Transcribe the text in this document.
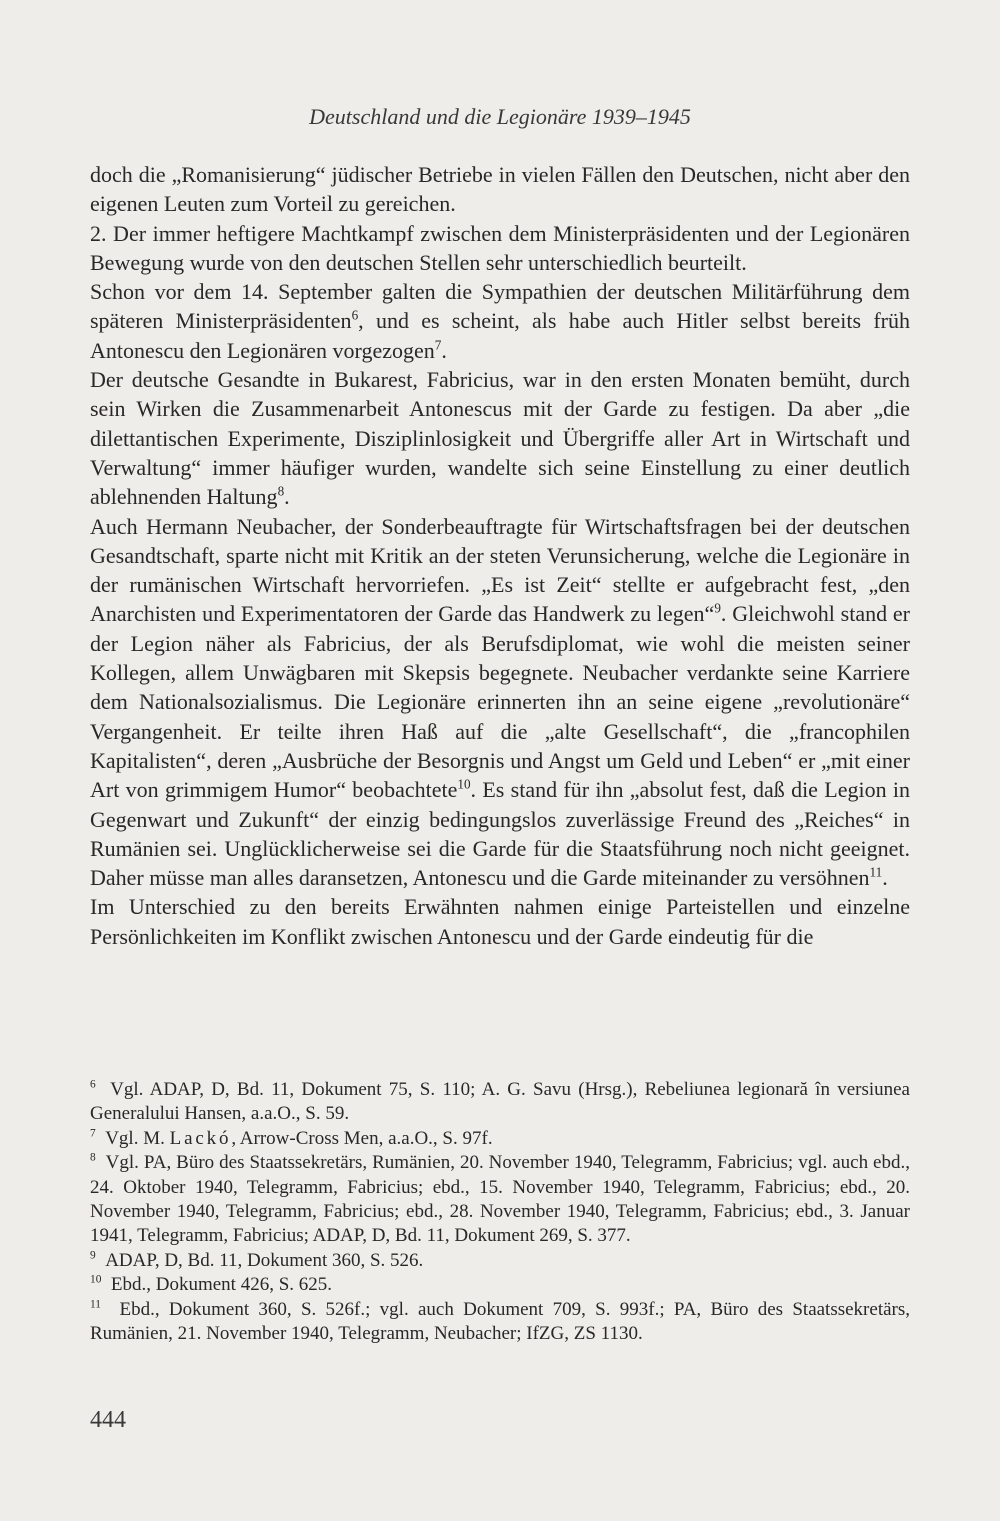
Deutschland und die Legionäre 1939–1945

doch die „Romanisierung“ jüdischer Betriebe in vielen Fällen den Deutschen, nicht aber den eigenen Leuten zum Vorteil zu gereichen.

2. Der immer heftigere Machtkampf zwischen dem Ministerpräsidenten und der Legionären Bewegung wurde von den deutschen Stellen sehr unterschiedlich beurteilt.

Schon vor dem 14. September galten die Sympathien der deutschen Militärführung dem späteren Ministerpräsidenten$^6$, und es scheint, als habe auch Hitler selbst bereits früh Antonescu den Legionären vorgezogen$^7$.

Der deutsche Gesandte in Bukarest, Fabricius, war in den ersten Monaten bemüht, durch sein Wirken die Zusammenarbeit Antonescus mit der Garde zu festigen. Da aber „die dilettantischen Experimente, Disziplinlosigkeit und Übergriffe aller Art in Wirtschaft und Verwaltung“ immer häufiger wurden, wandelte sich seine Einstellung zu einer deutlich ablehnenden Haltung$^8$.

Auch Hermann Neubacher, der Sonderbeauftragte für Wirtschaftsfragen bei der deutschen Gesandtschaft, sparte nicht mit Kritik an der steten Verunsicherung, welche die Legionäre in der rumänischen Wirtschaft hervorriefen. „Es ist Zeit“ stellte er aufgebracht fest, „den Anarchisten und Experimentatoren der Garde das Handwerk zu legen“$^9$. Gleichwohl stand er der Legion näher als Fabricius, der als Berufsdiplomat, wie wohl die meisten seiner Kollegen, allem Unwägbaren mit Skepsis begegnete. Neubacher verdankte seine Karriere dem Nationalsozialismus. Die Legionäre erinnerten ihn an seine eigene „revolutionäre“ Vergangenheit. Er teilte ihren Haß auf die „alte Gesellschaft“, die „francophilen Kapitalisten“, deren „Ausbrüche der Besorgnis und Angst um Geld und Leben“ er „mit einer Art von grimmigem Humor“ beobachtete$^{10}$. Es stand für ihn „absolut fest, daß die Legion in Gegenwart und Zukunft“ der einzig bedingungslos zuverlässige Freund des „Reiches“ in Rumänien sei. Unglücklicherweise sei die Garde für die Staatsführung noch nicht geeignet. Daher müsse man alles daransetzen, Antonescu und die Garde miteinander zu versöhnen$^{11}$.

Im Unterschied zu den bereits Erwähnten nahmen einige Parteistellen und einzelne Persönlichkeiten im Konflikt zwischen Antonescu und der Garde eindeutig für die

$^6$ Vgl. ADAP, D, Bd. 11, Dokument 75, S. 110; A. G. Savu (Hrsg.), Rebeliunea legionară în versiunea Generalului Hansen, a.a.O., S. 59.

$^7$ Vgl. M. Lackó, Arrow-Cross Men, a.a.O., S. 97f.

$^8$ Vgl. PA, Büro des Staatssekretärs, Rumänien, 20. November 1940, Telegramm, Fabricius; vgl. auch ebd., 24. Oktober 1940, Telegramm, Fabricius; ebd., 15. November 1940, Telegramm, Fabricius; ebd., 20. November 1940, Telegramm, Fabricius; ebd., 28. November 1940, Telegramm, Fabricius; ebd., 3. Januar 1941, Telegramm, Fabricius; ADAP, D, Bd. 11, Dokument 269, S. 377.

$^9$ ADAP, D, Bd. 11, Dokument 360, S. 526.

$^{10}$ Ebd., Dokument 426, S. 625.

$^{11}$ Ebd., Dokument 360, S. 526f.; vgl. auch Dokument 709, S. 993f.; PA, Büro des Staatssekretärs, Rumänien, 21. November 1940, Telegramm, Neubacher; IfZG, ZS 1130.

444
